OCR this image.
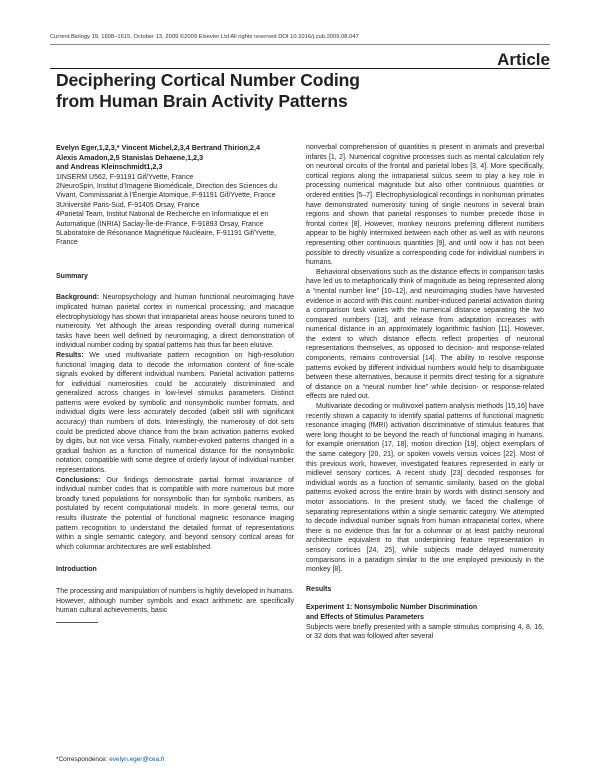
Current Biology 19, 1608–1615, October 13, 2009 ©2009 Elsevier Ltd All rights reserved DOI 10.1016/j.cub.2009.08.047
Article
Deciphering Cortical Number Coding
from Human Brain Activity Patterns
Evelyn Eger,1,2,3,* Vincent Michel,2,3,4 Bertrand Thirion,2,4
Alexis Amadon,2,5 Stanislas Dehaene,1,2,3
and Andreas Kleinschmidt1,2,3

1INSERM U562, F-91191 Gif/Yvette, France

2NeuroSpin, Institut d’Imagerie Biomédicale, Direction des Sciences du Vivant, Commissariat à l’Énergie Atomique, F-91191 Gif/Yvette, France

3Université Paris-Sud, F-91405 Orsay, France

4Parietal Team, Institut National de Recherche en Informatique et en Automatique (INRIA) Saclay-Île-de-France, F-91893 Orsay, France

5Laboratoire de Résonance Magnétique Nucléaire, F-91191 Gif/Yvette, France

Summary
Background: Neuropsychology and human functional neuroimaging have implicated human parietal cortex in numerical processing, and macaque electrophysiology has shown that intraparietal areas house neurons tuned to numerosity. Yet although the areas responding overall during numerical tasks have been well defined by neuroimaging, a direct demonstration of individual number coding by spatial patterns has thus far been elusive.
Results: We used multivariate pattern recognition on high-resolution functional imaging data to decode the information content of fine-scale signals evoked by different individual numbers. Parietal activation patterns for individual numerosities could be accurately discriminated and generalized across changes in low-level stimulus parameters. Distinct patterns were evoked by symbolic and nonsymbolic number formats, and individual digits were less accurately decoded (albeit still with significant accuracy) than numbers of dots. Interestingly, the numerosity of dot sets could be predicted above chance from the brain activation patterns evoked by digits, but not vice versa. Finally, number-evoked patterns changed in a gradual fashion as a function of numerical distance for the nonsymbolic notation, compatible with some degree of orderly layout of individual number representations.
Conclusions: Our findings demonstrate partial format invariance of individual number codes that is compatible with more numerous but more broadly tuned populations for nonsymbolic than for symbolic numbers, as postulated by recent computational models. In more general terms, our results illustrate the potential of functional magnetic resonance imaging pattern recognition to understand the detailed format of representations within a single semantic category, and beyond sensory cortical areas for which columnar architectures are well established.
Introduction
The processing and manipulation of numbers is highly developed in humans. However, although number symbols and exact arithmetic are specifically human cultural achievements, basic
*Correspondence: evelyn.eger@cea.fr
nonverbal comprehension of quantities is present in animals and preverbal infants [1, 2]. Numerical cognitive processes such as mental calculation rely on neuronal circuits of the frontal and parietal lobes [3, 4]. More specifically, cortical regions along the intraparietal sulcus seem to play a key role in processing numerical magnitude but also other continuous quantities or ordered entities [5–7]. Electrophysiological recordings in nonhuman primates have demonstrated numerosity tuning of single neurons in several brain regions and shown that parietal responses to number precede those in frontal cortex [8]. However, monkey neurons preferring different numbers appear to be highly intermixed between each other as well as with neurons representing other continuous quantities [9], and until now it has not been possible to directly visualize a corresponding code for individual numbers in humans.
Behavioral observations such as the distance effects in comparison tasks have led us to metaphorically think of magnitude as being represented along a “mental number line” [10–12], and neuroimaging studies have harvested evidence in accord with this count: number-induced parietal activation during a comparison task varies with the numerical distance separating the two compared numbers [13], and release from adaptation increases with numerical distance in an approximately logarithmic fashion [11]. However, the extent to which distance effects reflect properties of neuronal representations themselves, as opposed to decision- and response-related components, remains controversial [14]. The ability to resolve response patterns evoked by different individual numbers would help to disambiguate between these alternatives, because it permits direct testing for a signature of distance on a “neural number line” while decision- or response-related effects are ruled out.
Multivariate decoding or multivoxel pattern analysis methods [15,16] have recently shown a capacity to identify spatial patterns of functional magnetic resonance imaging (fMRI) activation discriminative of stimulus features that were long thought to be beyond the reach of functional imaging in humans, for example orientation [17, 18], motion direction [19], object exemplars of the same category [20, 21], or spoken vowels versus voices [22]. Most of this previous work, however, investigated features represented in early or midlevel sensory cortices. A recent study [23] decoded responses for individual words as a function of semantic similarity, based on the global patterns evoked across the entire brain by words with distinct sensory and motor associations. In the present study, we faced the challenge of separating representations within a single semantic category. We attempted to decode individual number signals from human intraparietal cortex, where there is no evidence thus far for a columnar or at least patchy neuronal architecture equivalent to that underpinning feature representation in sensory cortices [24, 25], while subjects made delayed numerosity comparisons in a paradigm similar to the one employed previously in the monkey [8].
Results
Experiment 1: Nonsymbolic Number Discrimination
and Effects of Stimulus Parameters
Subjects were briefly presented with a sample stimulus comprising 4, 8, 16, or 32 dots that was followed after several
